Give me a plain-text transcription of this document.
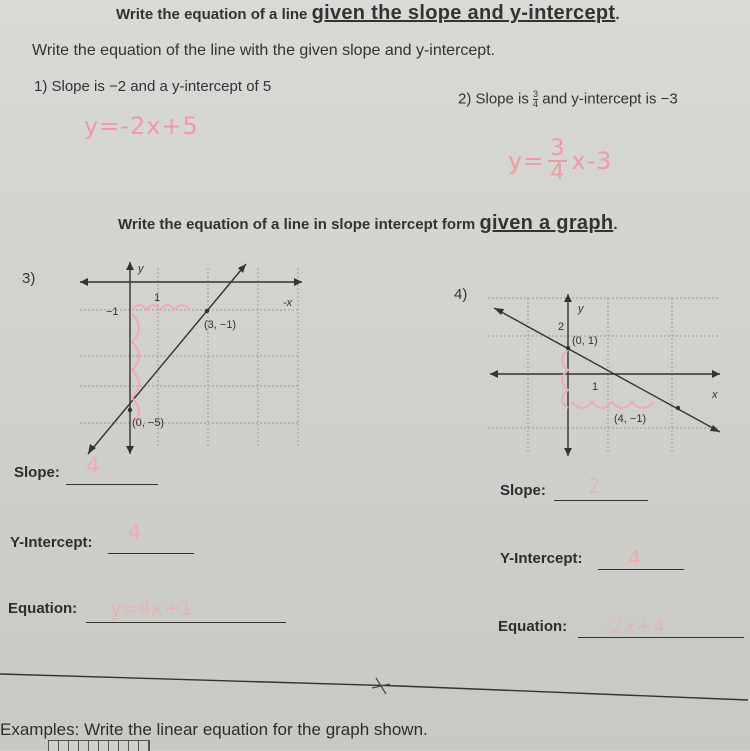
Write the equation of a line given the slope and y-intercept.
Write the equation of the line with the given slope and y-intercept.
1) Slope is −2 and a y-intercept of 5
y=-2x+5
2) Slope is $\frac{3}{4}$ and y-intercept is −3
$y= \frac{3}{4} x-3$
Write the equation of a line in slope intercept form given a graph.
3)
y
-x
−1
1
(3, −1)
(0, −5)
4)
y
x
2
1
(0, 1)
(4, −1)
Slope: 4
Y-Intercept: 4
Equation: y=4x+1
Slope: 2
Y-Intercept: 4
Equation: -2x+4
Examples: Write the linear equation for the graph shown.
